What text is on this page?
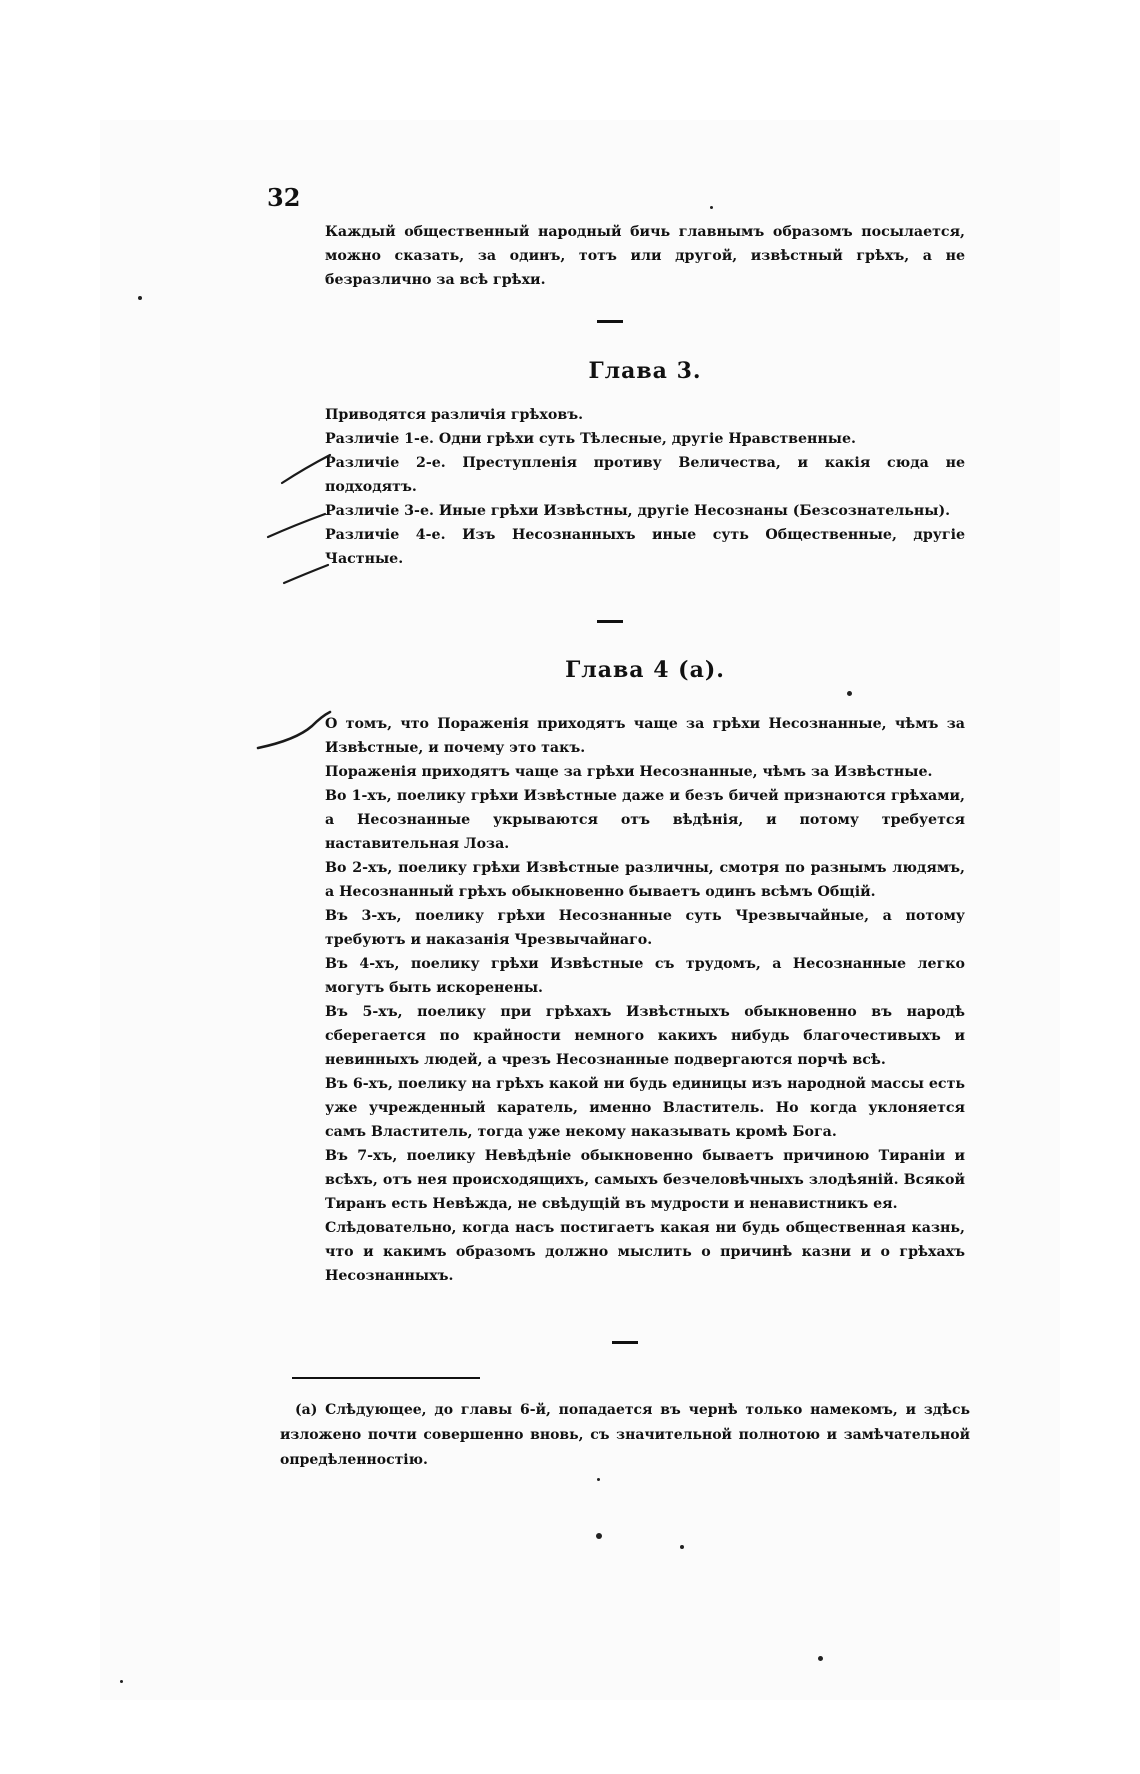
32

Каждый общественный народный бичь главнымъ образомъ посылается, можно сказать, за одинъ, тотъ или другой, извѣстный грѣхъ, а не безразлично за всѣ грѣхи.

Глава 3.

Приводятся различія грѣховъ.

Различіе 1-е. Одни грѣхи суть Тѣлесные, другіе Нравственные.

Различіе 2-е. Преступленія противу Величества, и какія сюда не подходятъ.

Различіе 3-е. Иные грѣхи Извѣстны, другіе Несознаны (Безсознательны).

Различіе 4-е. Изъ Несознанныхъ иные суть Общественные, другіе Частные.

Глава 4 (а).

О томъ, что Пораженія приходятъ чаще за грѣхи Несознанные, чѣмъ за Извѣстные, и почему это такъ.

Пораженія приходятъ чаще за грѣхи Несознанные, чѣмъ за Извѣстные.

Во 1-хъ, поелику грѣхи Извѣстные даже и безъ бичей признаются грѣхами, а Несознанные укрываются отъ вѣдѣнія, и потому требуется наставительная Лоза.

Во 2-хъ, поелику грѣхи Извѣстные различны, смотря по разнымъ людямъ, а Несознанный грѣхъ обыкновенно бываетъ одинъ всѣмъ Общій.

Въ 3-хъ, поелику грѣхи Несознанные суть Чрезвычайные, а потому требуютъ и наказанія Чрезвычайнаго.

Въ 4-хъ, поелику грѣхи Извѣстные съ трудомъ, а Несознанные легко могутъ быть искоренены.

Въ 5-хъ, поелику при грѣхахъ Извѣстныхъ обыкновенно въ народѣ сберегается по крайности немного какихъ нибудь благочестивыхъ и невинныхъ людей, а чрезъ Несознанные подвергаются порчѣ всѣ.

Въ 6-хъ, поелику на грѣхъ какой ни будь единицы изъ народной массы есть уже учрежденный каратель, именно Властитель. Но когда уклоняется самъ Властитель, тогда уже некому наказывать кромѣ Бога.

Въ 7-хъ, поелику Невѣдѣніе обыкновенно бываетъ причиною Тираніи и всѣхъ, отъ нея происходящихъ, самыхъ безчеловѣчныхъ злодѣяній. Всякой Тиранъ есть Невѣжда, не свѣдущій въ мудрости и ненавистникъ ея.

Слѣдовательно, когда насъ постигаетъ какая ни будь общественная казнь, что и какимъ образомъ должно мыслить о причинѣ казни и о грѣхахъ Несознанныхъ.

(а) Слѣдующее, до главы 6-й, попадается въ чернѣ только намекомъ, и здѣсь изложено почти совершенно вновь, съ значительной полнотою и замѣчательной опредѣленностію.
